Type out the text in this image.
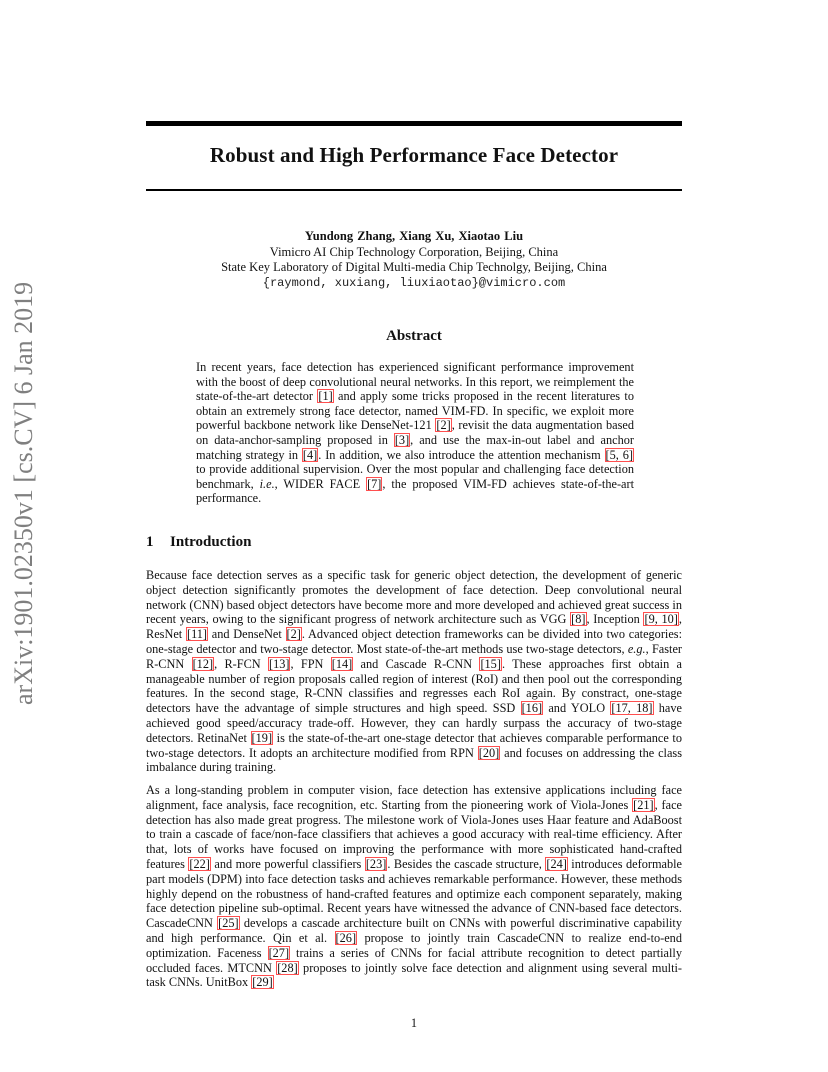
arXiv:1901.02350v1 [cs.CV] 6 Jan 2019
Robust and High Performance Face Detector
Yundong Zhang, Xiang Xu, Xiaotao Liu
Vimicro AI Chip Technology Corporation, Beijing, China
State Key Laboratory of Digital Multi-media Chip Technolgy, Beijing, China
{raymond, xuxiang, liuxiaotao}@vimicro.com
Abstract
In recent years, face detection has experienced significant performance improvement with the boost of deep convolutional neural networks. In this report, we reimplement the state-of-the-art detector [1] and apply some tricks proposed in the recent literatures to obtain an extremely strong face detector, named VIM-FD. In specific, we exploit more powerful backbone network like DenseNet-121 [2], revisit the data augmentation based on data-anchor-sampling proposed in [3], and use the max-in-out label and anchor matching strategy in [4]. In addition, we also introduce the attention mechanism [5, 6] to provide additional supervision. Over the most popular and challenging face detection benchmark, i.e., WIDER FACE [7], the proposed VIM-FD achieves state-of-the-art performance.
1 Introduction

Because face detection serves as a specific task for generic object detection, the development of generic object detection significantly promotes the development of face detection. Deep convolutional neural network (CNN) based object detectors have become more and more developed and achieved great success in recent years, owing to the significant progress of network architecture such as VGG [8], Inception [9, 10], ResNet [11] and DenseNet [2]. Advanced object detection frameworks can be divided into two categories: one-stage detector and two-stage detector. Most state-of-the-art methods use two-stage detectors, e.g., Faster R-CNN [12], R-FCN [13], FPN [14] and Cascade R-CNN [15]. These approaches first obtain a manageable number of region proposals called region of interest (RoI) and then pool out the corresponding features. In the second stage, R-CNN classifies and regresses each RoI again. By constract, one-stage detectors have the advantage of simple structures and high speed. SSD [16] and YOLO [17, 18] have achieved good speed/accuracy trade-off. However, they can hardly surpass the accuracy of two-stage detectors. RetinaNet [19] is the state-of-the-art one-stage detector that achieves comparable performance to two-stage detectors. It adopts an architecture modified from RPN [20] and focuses on addressing the class imbalance during training.

As a long-standing problem in computer vision, face detection has extensive applications including face alignment, face analysis, face recognition, etc. Starting from the pioneering work of Viola-Jones [21], face detection has also made great progress. The milestone work of Viola-Jones uses Haar feature and AdaBoost to train a cascade of face/non-face classifiers that achieves a good accuracy with real-time efficiency. After that, lots of works have focused on improving the performance with more sophisticated hand-crafted features [22] and more powerful classifiers [23]. Besides the cascade structure, [24] introduces deformable part models (DPM) into face detection tasks and achieves remarkable performance. However, these methods highly depend on the robustness of hand-crafted features and optimize each component separately, making face detection pipeline sub-optimal. Recent years have witnessed the advance of CNN-based face detectors. CascadeCNN [25] develops a cascade architecture built on CNNs with powerful discriminative capability and high performance. Qin et al. [26] propose to jointly train CascadeCNN to realize end-to-end optimization. Faceness [27] trains a series of CNNs for facial attribute recognition to detect partially occluded faces. MTCNN [28] proposes to jointly solve face detection and alignment using several multi-task CNNs. UnitBox [29]

1
